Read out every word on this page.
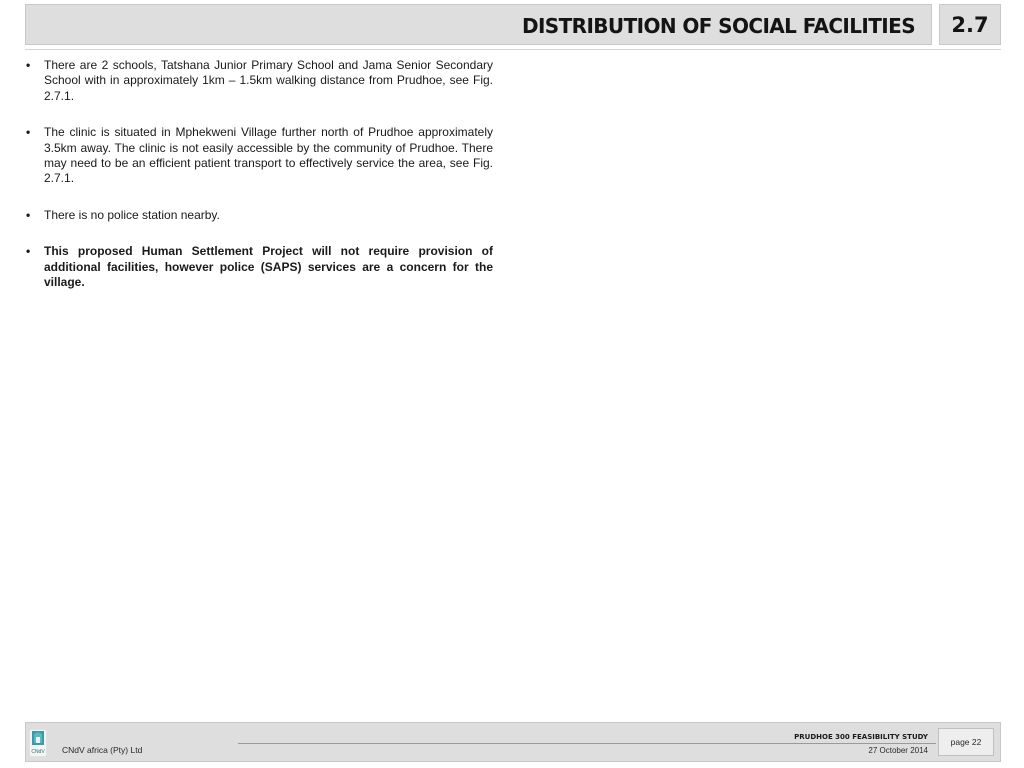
DISTRIBUTION OF SOCIAL FACILITIES	2.7
• There are 2 schools, Tatshana Junior Primary School and Jama Senior Secondary School with in approximately 1km – 1.5km walking distance from Prudhoe, see Fig. 2.7.1.
• The clinic is situated in Mphekweni Village further north of Prudhoe approximately 3.5km away. The clinic is not easily accessible by the community of Prudhoe. There may need to be an efficient patient transport to effectively service the area, see Fig. 2.7.1.
• There is no police station nearby.
• This proposed Human Settlement Project will not require provision of additional facilities, however police (SAPS) services are a concern for the village.
CNdV CNdV africa (Pty) Ltd
PRUDHOE 300 FEASIBILITY STUDY
27 October 2014
page 22
